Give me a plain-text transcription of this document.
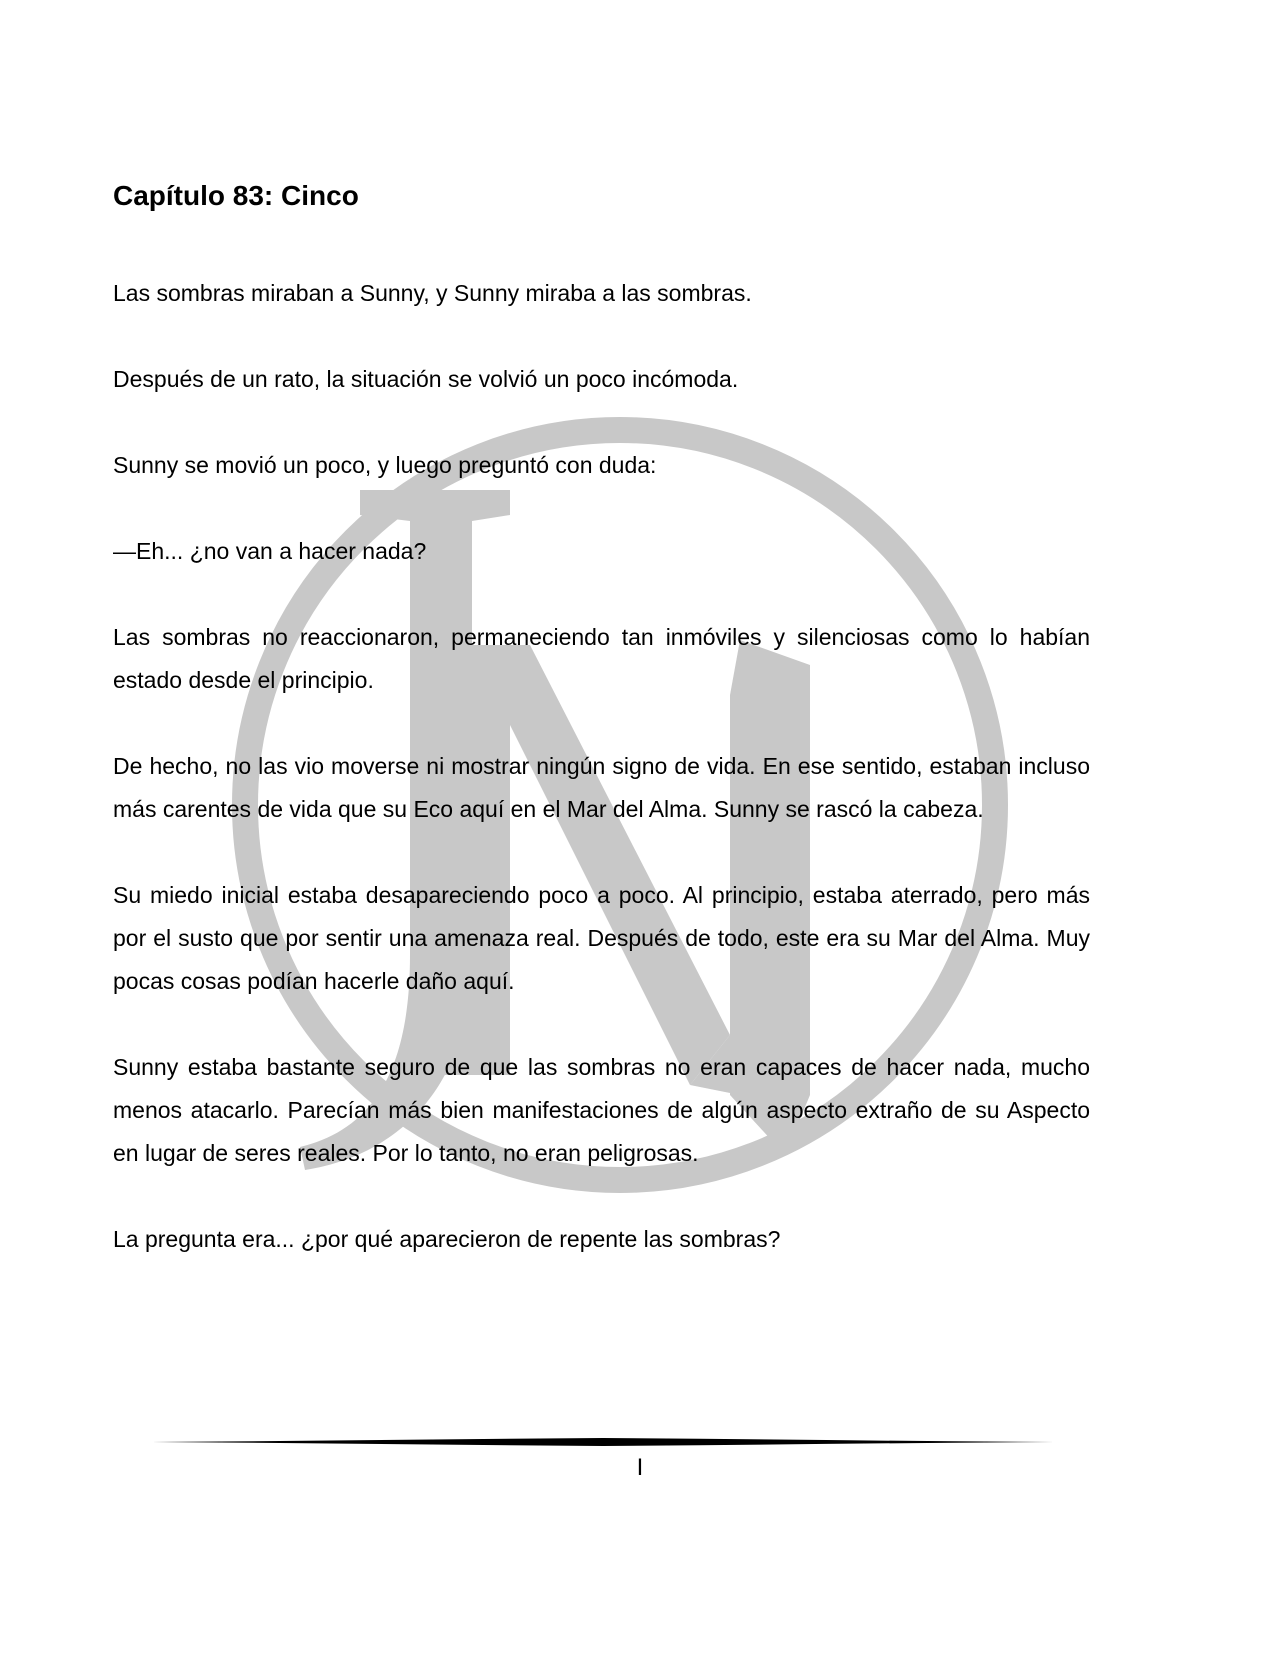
Capítulo 83: Cinco

Las sombras miraban a Sunny, y Sunny miraba a las sombras.

Después de un rato, la situación se volvió un poco incómoda.

Sunny se movió un poco, y luego preguntó con duda:

—Eh... ¿no van a hacer nada?

Las sombras no reaccionaron, permaneciendo tan inmóviles y silenciosas como lo habían estado desde el principio.

De hecho, no las vio moverse ni mostrar ningún signo de vida. En ese sentido, estaban incluso más carentes de vida que su Eco aquí en el Mar del Alma. Sunny se rascó la cabeza.

Su miedo inicial estaba desapareciendo poco a poco. Al principio, estaba aterrado, pero más por el susto que por sentir una amenaza real. Después de todo, este era su Mar del Alma. Muy pocas cosas podían hacerle daño aquí.

Sunny estaba bastante seguro de que las sombras no eran capaces de hacer nada, mucho menos atacarlo. Parecían más bien manifestaciones de algún aspecto extraño de su Aspecto en lugar de seres reales. Por lo tanto, no eran peligrosas.

La pregunta era... ¿por qué aparecieron de repente las sombras?

I
